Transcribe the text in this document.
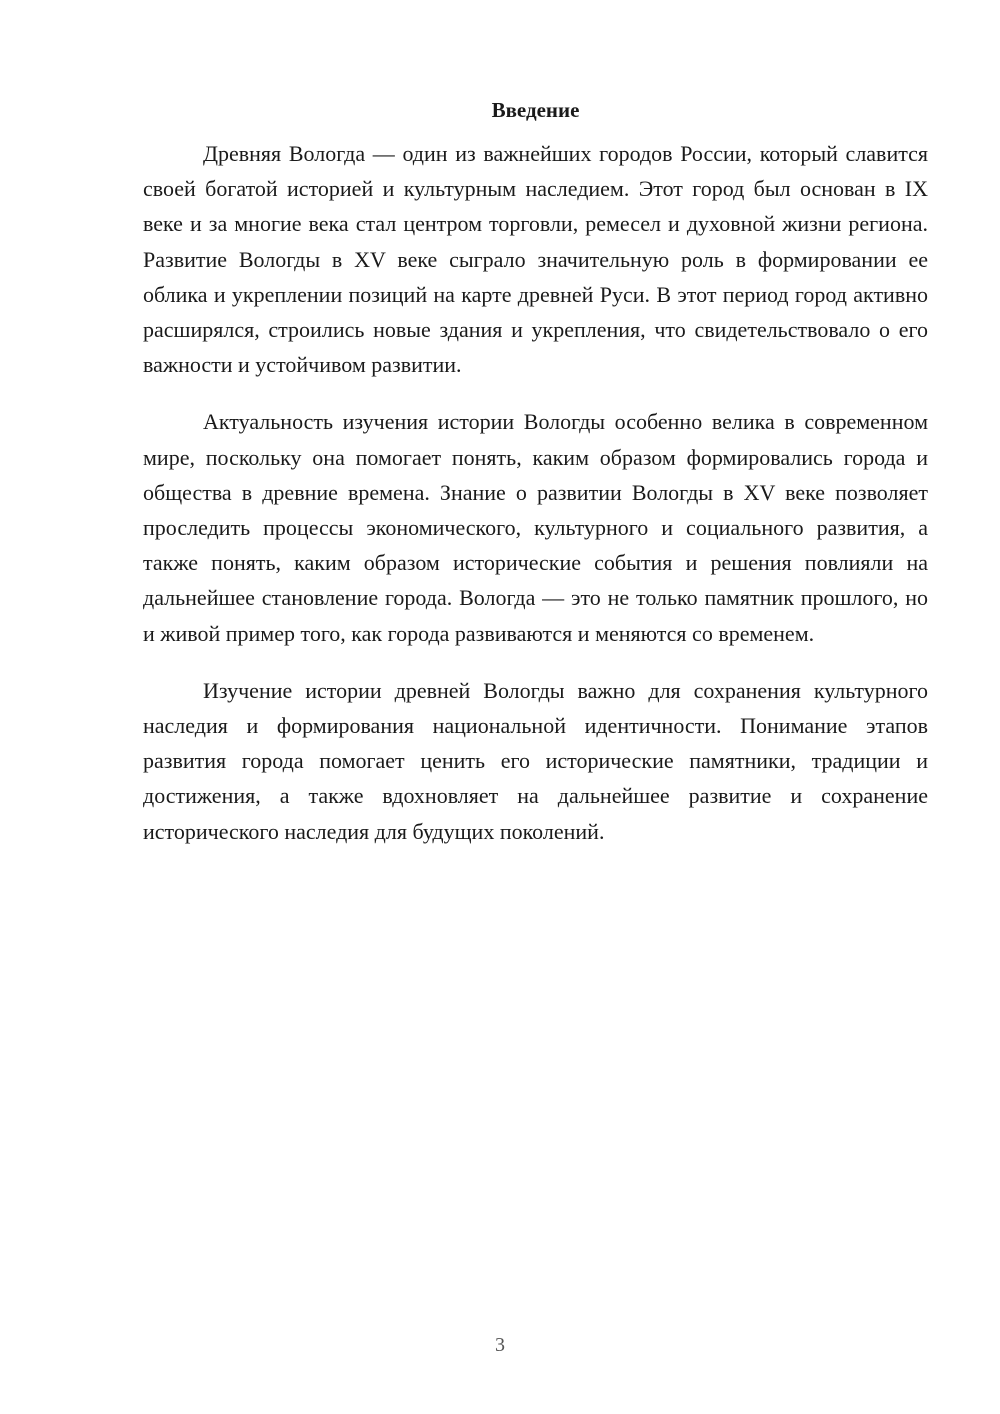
Введение

Древняя Вологда — один из важнейших городов России, который славится своей богатой историей и культурным наследием. Этот город был основан в IX веке и за многие века стал центром торговли, ремесел и духовной жизни региона. Развитие Вологды в XV веке сыграло значительную роль в формировании ее облика и укреплении позиций на карте древней Руси. В этот период город активно расширялся, строились новые здания и укрепления, что свидетельствовало о его важности и устойчивом развитии.

Актуальность изучения истории Вологды особенно велика в современном мире, поскольку она помогает понять, каким образом формировались города и общества в древние времена. Знание о развитии Вологды в XV веке позволяет проследить процессы экономического, культурного и социального развития, а также понять, каким образом исторические события и решения повлияли на дальнейшее становление города. Вологда — это не только памятник прошлого, но и живой пример того, как города развиваются и меняются со временем.

Изучение истории древней Вологды важно для сохранения культурного наследия и формирования национальной идентичности. Понимание этапов развития города помогает ценить его исторические памятники, традиции и достижения, а также вдохновляет на дальнейшее развитие и сохранение исторического наследия для будущих поколений.

3
